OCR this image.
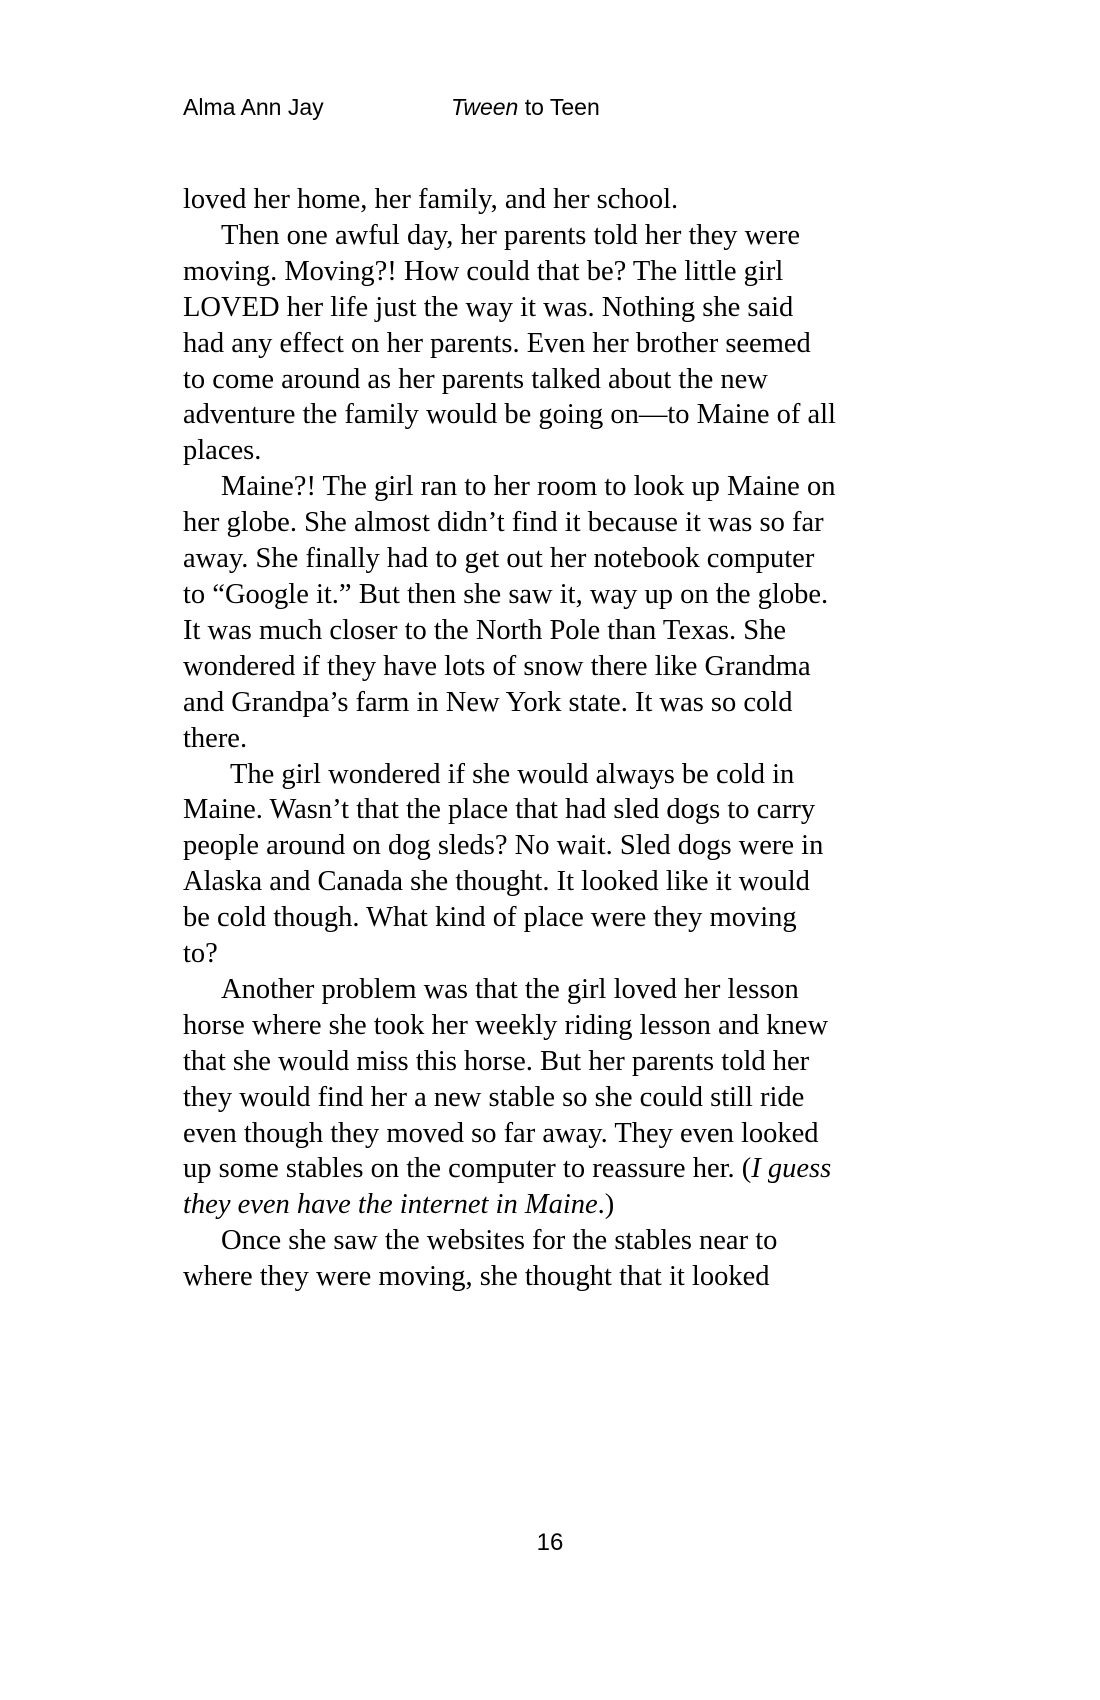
Alma Ann Jay	Tween to Teen

loved her home, her family, and her school.

Then one awful day, her parents told her they were moving. Moving?! How could that be? The little girl LOVED her life just the way it was. Nothing she said had any effect on her parents. Even her brother seemed to come around as her parents talked about the new adventure the family would be going on—to Maine of all places.

Maine?! The girl ran to her room to look up Maine on her globe. She almost didn’t find it because it was so far away. She finally had to get out her notebook computer to “Google it.” But then she saw it, way up on the globe. It was much closer to the North Pole than Texas. She wondered if they have lots of snow there like Grandma and Grandpa’s farm in New York state. It was so cold there.

The girl wondered if she would always be cold in Maine. Wasn’t that the place that had sled dogs to carry people around on dog sleds? No wait. Sled dogs were in Alaska and Canada she thought. It looked like it would be cold though. What kind of place were they moving to?

Another problem was that the girl loved her lesson horse where she took her weekly riding lesson and knew that she would miss this horse. But her parents told her they would find her a new stable so she could still ride even though they moved so far away. They even looked up some stables on the computer to reassure her. (I guess they even have the internet in Maine.)

Once she saw the websites for the stables near to where they were moving, she thought that it looked

16
